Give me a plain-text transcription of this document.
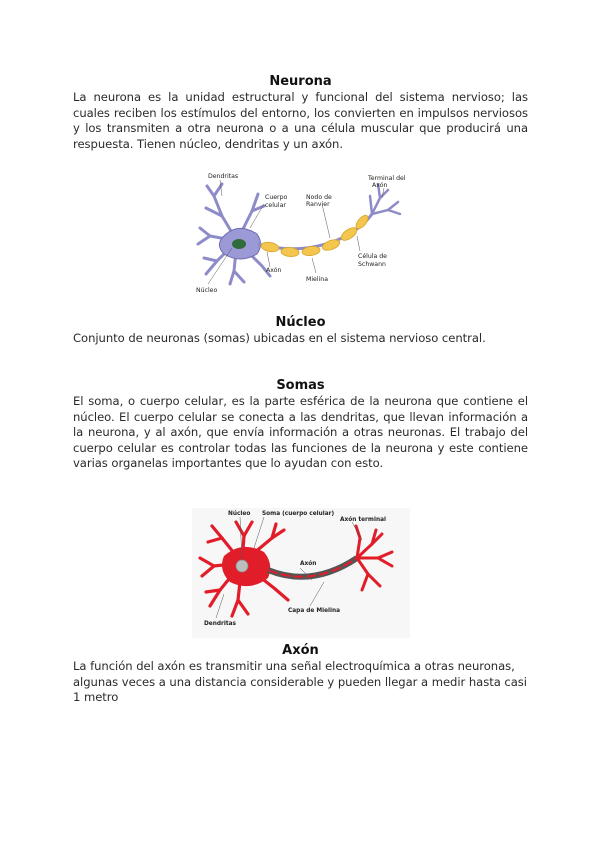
Neurona

La neurona es la unidad estructural y funcional del sistema nervioso; las cuales reciben los estímulos del entorno, los convierten en impulsos nerviosos y los transmiten a otra neurona o a una célula muscular que producirá una respuesta. Tienen núcleo, dendritas y un axón.

Dendritas
Cuerpo
celular
Nodo de
Ranvier
Terminal del
Axón
Axón
Célula de
Schwann
Mielina
Núcleo
Núcleo

Conjunto de neuronas (somas) ubicadas en el sistema nervioso central.

Somas

El soma, o cuerpo celular, es la parte esférica de la neurona que contiene el núcleo. El cuerpo celular se conecta a las dendritas, que llevan información a la neurona, y al axón, que envía información a otras neuronas. El trabajo del cuerpo celular es controlar todas las funciones de la neurona y este contiene varias organelas importantes que lo ayudan con esto.

Núcleo Soma (cuerpo celular)
Axón terminal
Axón
Capa de Mielina
Dendritas
Axón

La función del axón es transmitir una señal electroquímica a otras neuronas, algunas veces a una distancia considerable y pueden llegar a medir hasta casi 1 metro
